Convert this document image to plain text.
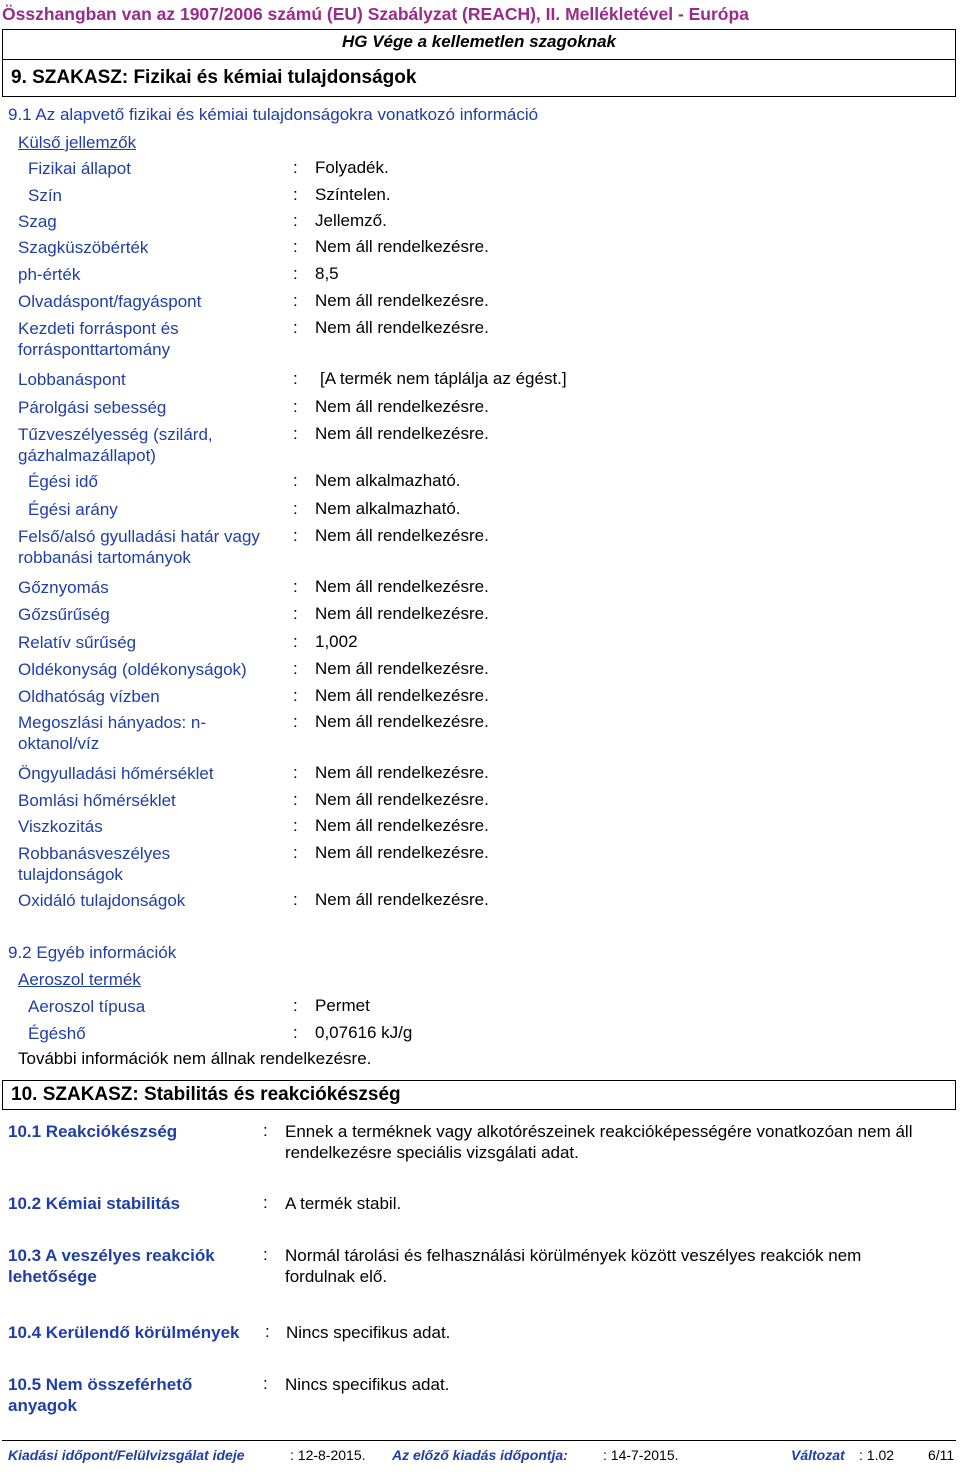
Összhangban van az 1907/2006 számú (EU) Szabályzat (REACH), II. Mellékletével - Európa
HG Vége a kellemetlen szagoknak
9. SZAKASZ: Fizikai és kémiai tulajdonságok
9.1 Az alapvető fizikai és kémiai tulajdonságokra vonatkozó információ
Külső jellemzők
Fizikai állapot	: Folyadék.
Szín	: Színtelen.
Szag	: Jellemző.
Szagküszöbérték	: Nem áll rendelkezésre.
ph-érték	: 8,5
Olvadáspont/fagyáspont	: Nem áll rendelkezésre.
Kezdeti forráspont és forrásponttartomány
: Nem áll rendelkezésre.
Lobbanáspont	: [A termék nem táplálja az égést.]
Párolgási sebesség	: Nem áll rendelkezésre.
Tűzveszélyesség (szilárd, gázhalmazállapot)
: Nem áll rendelkezésre.
Égési idő	: Nem alkalmazható.
Égési arány	: Nem alkalmazható.
Felső/alsó gyulladási határ vagy robbanási tartományok
: Nem áll rendelkezésre.
Gőznyomás	: Nem áll rendelkezésre.
Gőzsűrűség	: Nem áll rendelkezésre.
Relatív sűrűség	: 1,002
Oldékonyság (oldékonyságok)	: Nem áll rendelkezésre.
Oldhatóság vízben	: Nem áll rendelkezésre.
Megoszlási hányados: n-oktanol/víz
: Nem áll rendelkezésre.
Öngyulladási hőmérséklet	: Nem áll rendelkezésre.
Bomlási hőmérséklet	: Nem áll rendelkezésre.
Viszkozitás	: Nem áll rendelkezésre.
Robbanásveszélyes tulajdonságok
: Nem áll rendelkezésre.
Oxidáló tulajdonságok	: Nem áll rendelkezésre.
9.2 Egyéb információk
Aeroszol termék
Aeroszol típusa	: Permet
Égéshő	: 0,07616 kJ/g
További információk nem állnak rendelkezésre.
10. SZAKASZ: Stabilitás és reakciókészség
10.1 Reakciókészség	: Ennek a terméknek vagy alkotórészeinek reakcióképességére vonatkozóan nem áll rendelkezésre speciális vizsgálati adat.
10.2 Kémiai stabilitás	: A termék stabil.
10.3 A veszélyes reakciók lehetősége
: Normál tárolási és felhasználási körülmények között veszélyes reakciók nem fordulnak elő.
10.4 Kerülendő körülmények : Nincs specifikus adat.
10.5 Nem összeférhető anyagok
: Nincs specifikus adat.
Kiadási időpont/Felülvizsgálat ideje	: 12-8-2015. Az előző kiadás időpontja:	: 14-7-2015.	Változat : 1.02 6/11
